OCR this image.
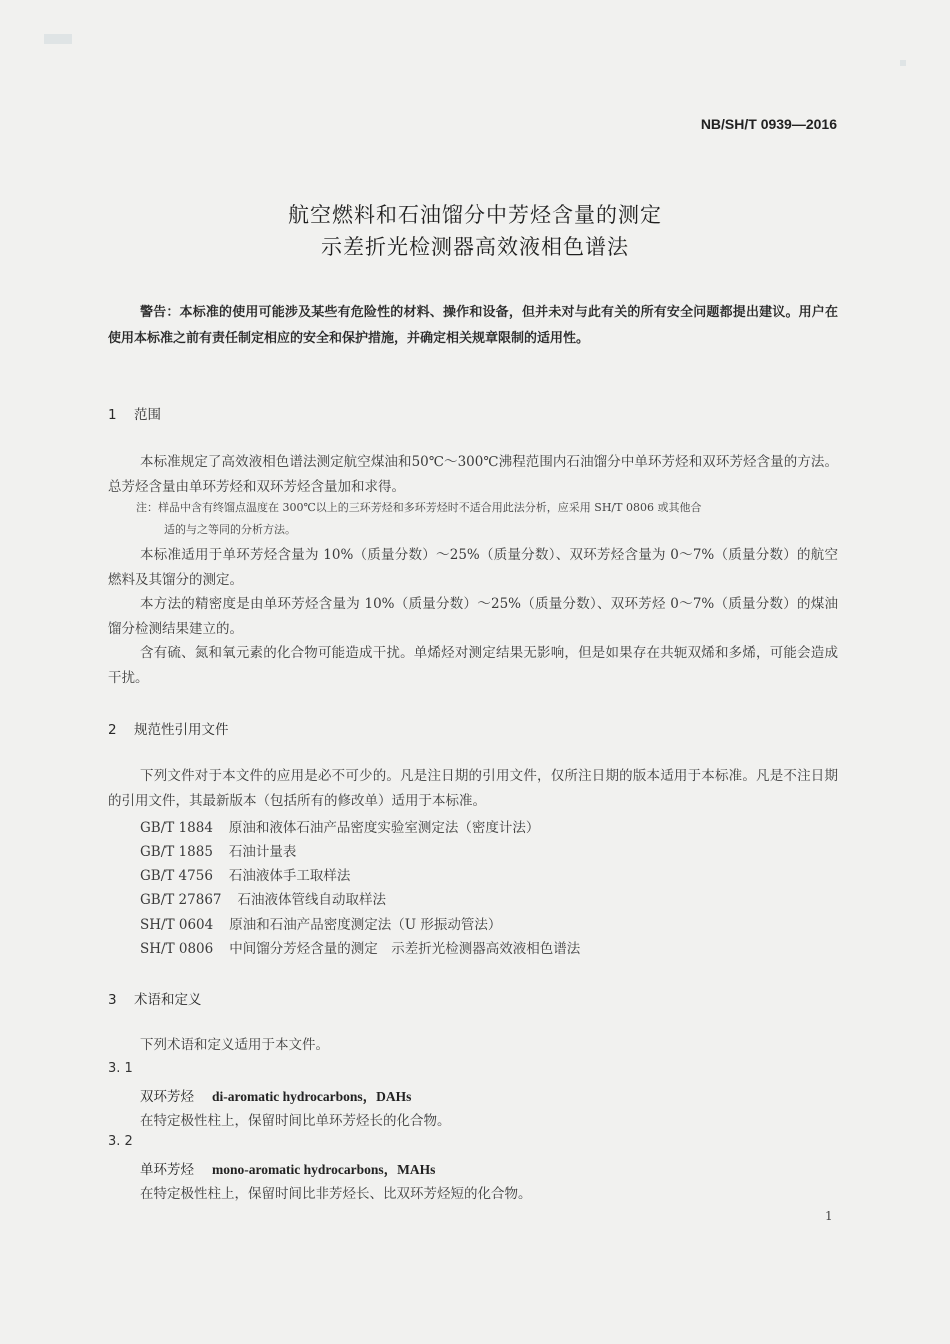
NB/SH/T 0939—2016
航空燃料和石油馏分中芳烃含量的测定
示差折光检测器高效液相色谱法
警告：本标准的使用可能涉及某些有危险性的材料、操作和设备，但并未对与此有关的所有安全问题都提出建议。用户在使用本标准之前有责任制定相应的安全和保护措施，并确定相关规章限制的适用性。
1 范围
本标准规定了高效液相色谱法测定航空煤油和50℃～300℃沸程范围内石油馏分中单环芳烃和双环芳烃含量的方法。总芳烃含量由单环芳烃和双环芳烃含量加和求得。
注：样品中含有终馏点温度在 300℃以上的三环芳烃和多环芳烃时不适合用此法分析，应采用 SH/T 0806 或其他合
适的与之等同的分析方法。
本标准适用于单环芳烃含量为 10%（质量分数）～25%（质量分数）、双环芳烃含量为 0～7%（质量分数）的航空燃料及其馏分的测定。
本方法的精密度是由单环芳烃含量为 10%（质量分数）～25%（质量分数）、双环芳烃 0～7%（质量分数）的煤油馏分检测结果建立的。
含有硫、氮和氧元素的化合物可能造成干扰。单烯烃对测定结果无影响，但是如果存在共轭双烯和多烯，可能会造成干扰。
2 规范性引用文件
下列文件对于本文件的应用是必不可少的。凡是注日期的引用文件，仅所注日期的版本适用于本标准。凡是不注日期的引用文件，其最新版本（包括所有的修改单）适用于本标准。
GB/T 1884 原油和液体石油产品密度实验室测定法（密度计法）
GB/T 1885 石油计量表
GB/T 4756 石油液体手工取样法
GB/T 27867 石油液体管线自动取样法
SH/T 0604 原油和石油产品密度测定法（U 形振动管法）
SH/T 0806 中间馏分芳烃含量的测定　示差折光检测器高效液相色谱法
3 术语和定义
下列术语和定义适用于本文件。
3. 1
双环芳烃 di-aromatic hydrocarbons，DAHs
在特定极性柱上，保留时间比单环芳烃长的化合物。
3. 2
单环芳烃 mono-aromatic hydrocarbons，MAHs
在特定极性柱上，保留时间比非芳烃长、比双环芳烃短的化合物。
1
